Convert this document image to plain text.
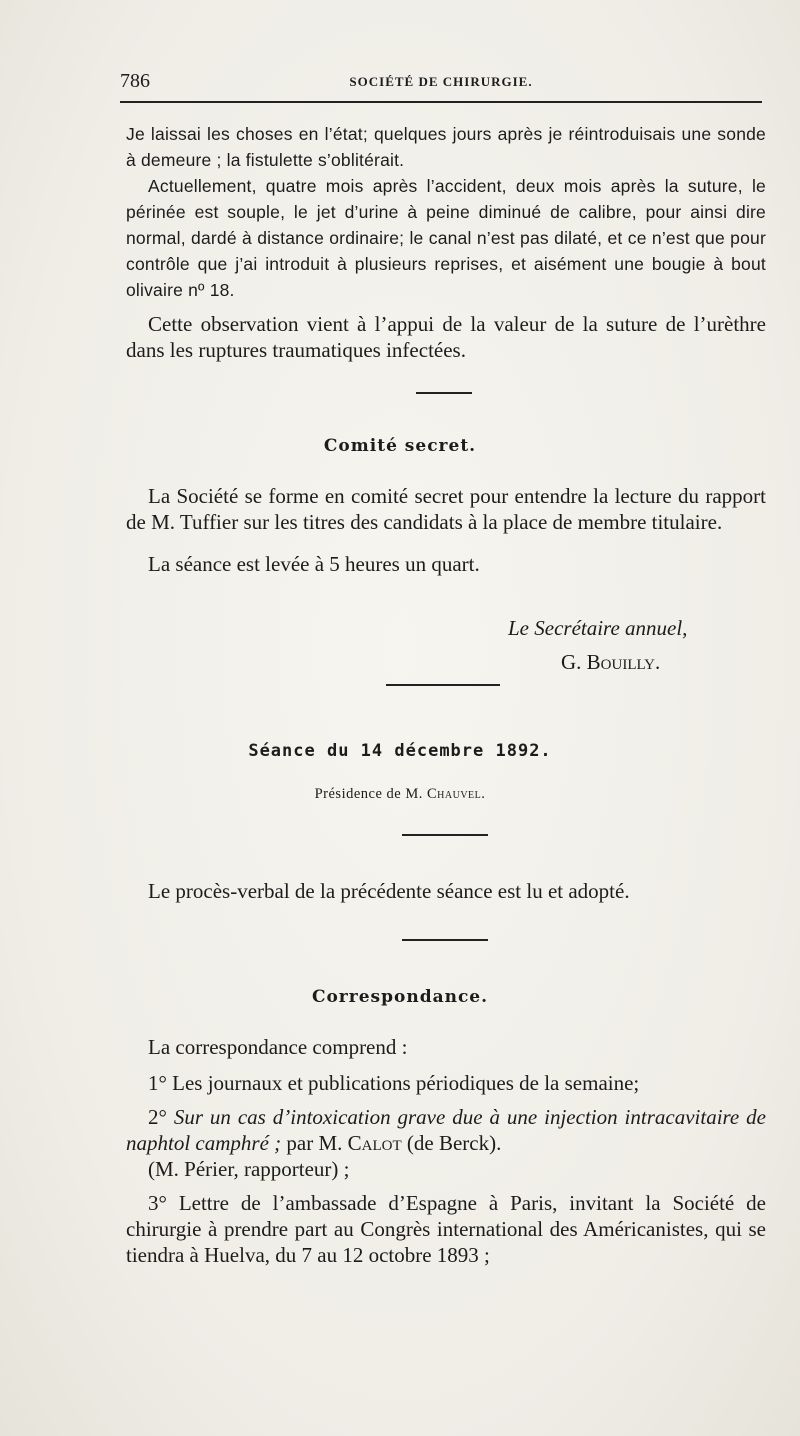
786	SOCIÉTÉ DE CHIRURGIE.

Je laissai les choses en l’état; quelques jours après je réintroduisais une sonde à demeure ; la fistulette s’oblitérait.

Actuellement, quatre mois après l’accident, deux mois après la suture, le périnée est souple, le jet d’urine à peine diminué de calibre, pour ainsi dire normal, dardé à distance ordinaire; le canal n’est pas dilaté, et ce n’est que pour contrôle que j’ai introduit à plusieurs reprises, et aisément une bougie à bout olivaire nº 18.

Cette observation vient à l’appui de la valeur de la suture de l’urèthre dans les ruptures traumatiques infectées.

Comité secret.

La Société se forme en comité secret pour entendre la lecture du rapport de M. Tuffier sur les titres des candidats à la place de membre titulaire.

La séance est levée à 5 heures un quart.

Le Secrétaire annuel,
G. Bouilly.
Séance du 14 décembre 1892.
Présidence de M. Chauvel.

Le procès-verbal de la précédente séance est lu et adopté.

Correspondance.

La correspondance comprend :

1° Les journaux et publications périodiques de la semaine;

2° Sur un cas d’intoxication grave due à une injection intracavitaire de naphtol camphré ; par M. Calot (de Berck).

(M. Périer, rapporteur) ;

3° Lettre de l’ambassade d’Espagne à Paris, invitant la Société de chirurgie à prendre part au Congrès international des Américanistes, qui se tiendra à Huelva, du 7 au 12 octobre 1893 ;
